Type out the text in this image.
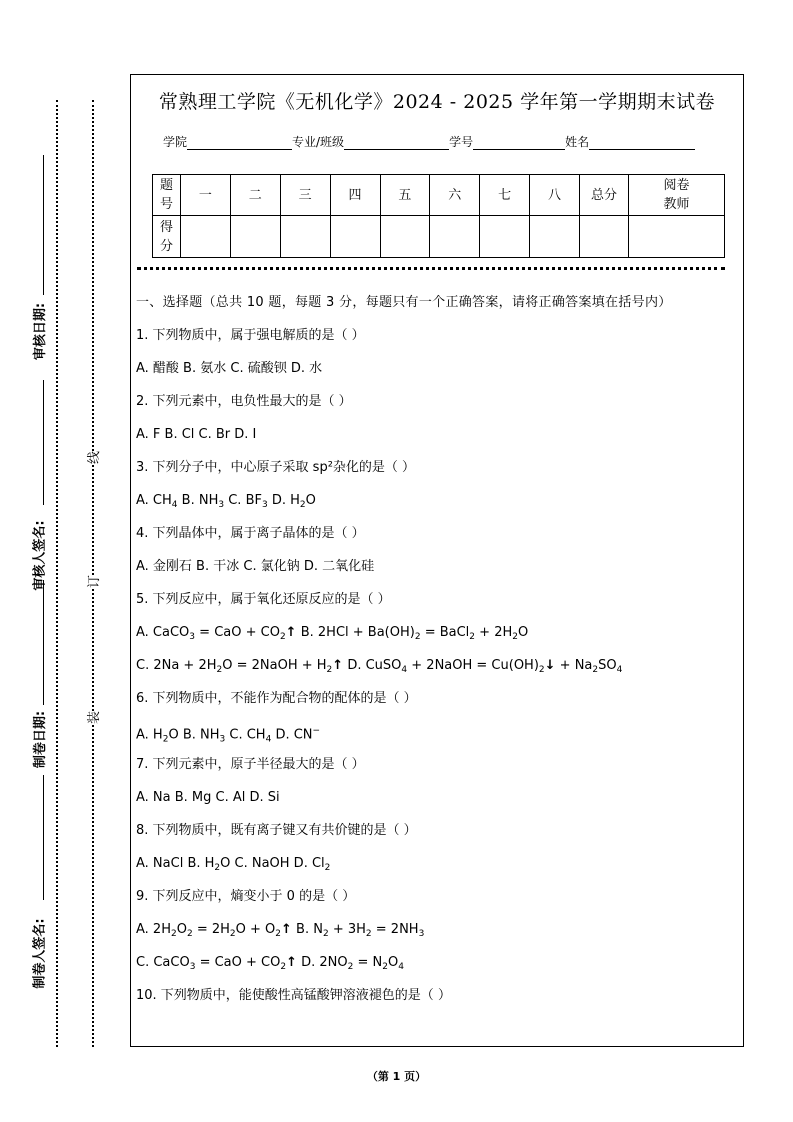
审核日期:
审核人签名:
制卷日期:
制卷人签名:
线
订
装
常熟理工学院《无机化学》2024 - 2025 学年第一学期期末试卷
学院	专业/班级	学号	姓名
题
号	一	二	三	四	五	六	七	八	总分	阅卷
教师
得
分										
一、选择题（总共 10 题，每题 3 分，每题只有一个正确答案，请将正确答案填在括号内）
1. 下列物质中，属于强电解质的是（ ）
A. 醋酸 B. 氨水 C. 硫酸钡 D. 水
2. 下列元素中，电负性最大的是（ ）
A. F B. Cl C. Br D. I
3. 下列分子中，中心原子采取 sp²杂化的是（ ）
A. $CH_4$ B. $NH_3$ C. $BF_3$ D. $H_2O$
4. 下列晶体中，属于离子晶体的是（ ）
A. 金刚石 B. 干冰 C. 氯化钠 D. 二氧化硅
5. 下列反应中，属于氧化还原反应的是（ ）
A. CaCO$_3$ = CaO + $CO_2↑$ B. $2HCl + Ba(OH)_2$ = BaCl$_2$ + $2H_2O$
C. $2Na + 2H_2O$ = 2NaOH + $H_2↑$ D. CuSO$_4$ + 2NaOH = $Cu(OH)_2↓ + Na_2SO_4$
6. 下列物质中，不能作为配合物的配体的是（ ）
A. $H_2O$ B. $NH_3$ C. $CH_4$ D. CN−
7. 下列元素中，原子半径最大的是（ ）
A. Na B. Mg C. Al D. Si
8. 下列物质中，既有离子键又有共价键的是（ ）
A. NaCl B. $H_2O$ C. NaOH D. $Cl_2$
9. 下列反应中，熵变小于 0 的是（ ）
A. $2H_2O_2 = 2H_2O$ + $O_2↑$ B. $N_2 + 3H_2 = 2NH_3$
C. CaCO$_3$ = CaO + $CO_2↑$ D. $2NO_2 = N_2O_4$
10. 下列物质中，能使酸性高锰酸钾溶液褪色的是（ ）
（第 1 页）
